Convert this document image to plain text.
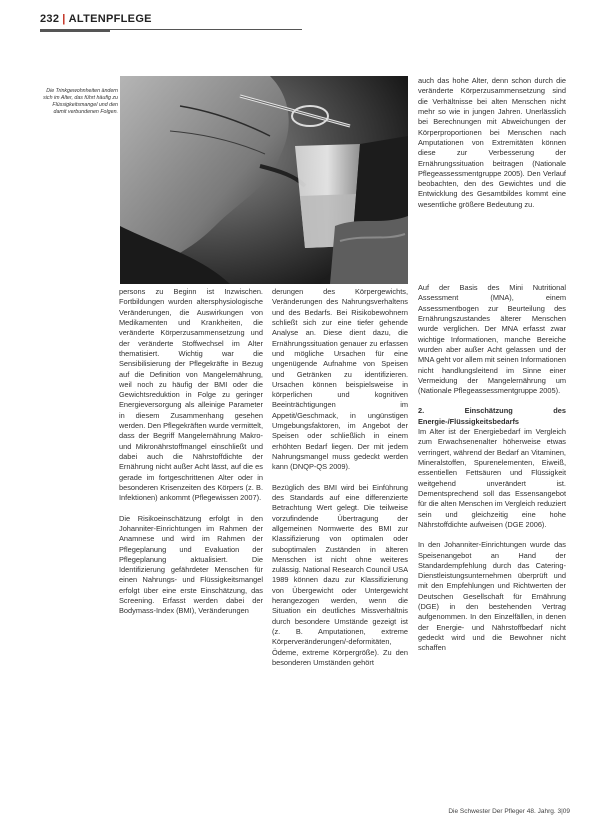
232 | ALTENPFLEGE
Die Trinkgewohnheiten ändern sich im Alter, das führt häufig zu Flüssigkeitsmangel und den damit verbundenen Folgen.

persons zu Beginn ist Inzwischen. Fortbildungen wurden altersphysiologische Veränderungen, die Auswirkungen von Medikamenten und Krankheiten, die veränderte Körperzusammensetzung und der veränderte Stoffwechsel im Alter thematisiert. Wichtig war die Sensibilisierung der Pflegekräfte in Bezug auf die Definition von Mangelernährung, weil noch zu häufig der BMI oder die Gewichtsreduktion in Folge zu geringer Energieversorgung als alleinige Parameter in diesem Zusammenhang gesehen werden. Den Pflegekräften wurde vermittelt, dass der Begriff Mangelernährung Makro- und Mikronährstoffmangel einschließt und dabei auch die Nährstoffdichte der Ernährung nicht außer Acht lässt, auf die es gerade im fortgeschrittenen Alter oder in besonderen Krisenzeiten des Körpers (z. B. Infektionen) ankommt (Pflegewissen 2007).

Die Risikoeinschätzung erfolgt in den Johanniter-Einrichtungen im Rahmen der Anamnese und wird im Rahmen der Pflegeplanung und Evaluation der Pflegeplanung aktualisiert. Die Identifizierung gefährdeter Menschen für einen Nahrungs- und Flüssigkeitsmangel erfolgt über eine erste Einschätzung, das Screening. Erfasst werden dabei der Bodymass-Index (BMI), Veränderungen

derungen des Körpergewichts, Veränderungen des Nahrungsverhaltens und des Bedarfs. Bei Risikobewohnern schließt sich zur eine tiefer gehende Analyse an. Diese dient dazu, die Ernährungssituation genauer zu erfassen und mögliche Ursachen für eine ungenügende Aufnahme von Speisen und Getränken zu identifizieren. Ursachen können beispielsweise in körperlichen und kognitiven Beeinträchtigungen im Appetit/Geschmack, in ungünstigen Umgebungsfaktoren, im Angebot der Speisen oder schließlich in einem erhöhten Bedarf liegen. Der mit jedem Nahrungsmangel muss gedeckt werden kann (DNQP-QS 2009).

Bezüglich des BMI wird bei Einführung des Standards auf eine differenzierte Betrachtung Wert gelegt. Die teilweise vorzufindende Übertragung der allgemeinen Normwerte des BMI zur Klassifizierung von optimalen oder suboptimalen Zuständen in älteren Menschen ist nicht ohne weiteres zulässig. National Research Council USA 1989 können dazu zur Klassifizierung von Übergewicht oder Untergewicht herangezogen werden, wenn die Situation ein deutliches Missverhältnis durch besondere Umstände gezeigt ist (z. B. Amputationen, extreme Körperveränderungen/-deformitäten, Ödeme, extreme Körpergröße). Zu den besonderen Umständen gehört

auch das hohe Alter, denn schon durch die veränderte Körperzusammensetzung sind die Verhältnisse bei alten Menschen nicht mehr so wie in jungen Jahren. Unerlässlich bei Berechnungen mit Abweichungen der Körperproportionen bei Menschen nach Amputationen von Extremitäten können diese zur Verbesserung der Ernährungssituation beitragen (Nationale Pflegeassessmentgruppe 2005). Den Verlauf beobachten, den des Gewichtes und die Entwicklung des Gesamtbildes kommt eine wesentliche größere Bedeutung zu.

Auf der Basis des Mini Nutritional Assessment (MNA), einem Assessmentbogen zur Beurteilung des Ernährungszustandes älterer Menschen wurde verglichen. Der MNA erfasst zwar wichtige Informationen, manche Bereiche wurden aber außer Acht gelassen und der MNA geht vor allem mit seinen Informationen nicht handlungsleitend im Sinne einer Vermeidung der Mangelernährung um (Nationale Pflegeassessmentgruppe 2005).

2. Einschätzung des Energie-/Flüssigkeitsbedarfs

Im Alter ist der Energiebedarf im Vergleich zum Erwachsenenalter höherweise etwas verringert, während der Bedarf an Vitaminen, Mineralstoffen, Spurenelementen, Eiweiß, essentiellen Fettsäuren und Flüssigkeit weitgehend unverändert ist. Dementsprechend soll das Essensangebot für die alten Menschen im Vergleich reduziert sein und gleichzeitig eine hohe Nährstoffdichte aufweisen (DGE 2006).

In den Johanniter-Einrichtungen wurde das Speisenangebot an Hand der Standardempfehlung durch das Catering-Dienstleistungsunternehmen überprüft und mit den Empfehlungen und Richtwerten der Deutschen Gesellschaft für Ernährung (DGE) in den bestehenden Vertrag aufgenommen. In den Einzelfällen, in denen der Energie- und Nährstoffbedarf nicht gedeckt wird und die Bewohner nicht schaffen

Die Schwester Der Pfleger 48. Jahrg. 3|09
